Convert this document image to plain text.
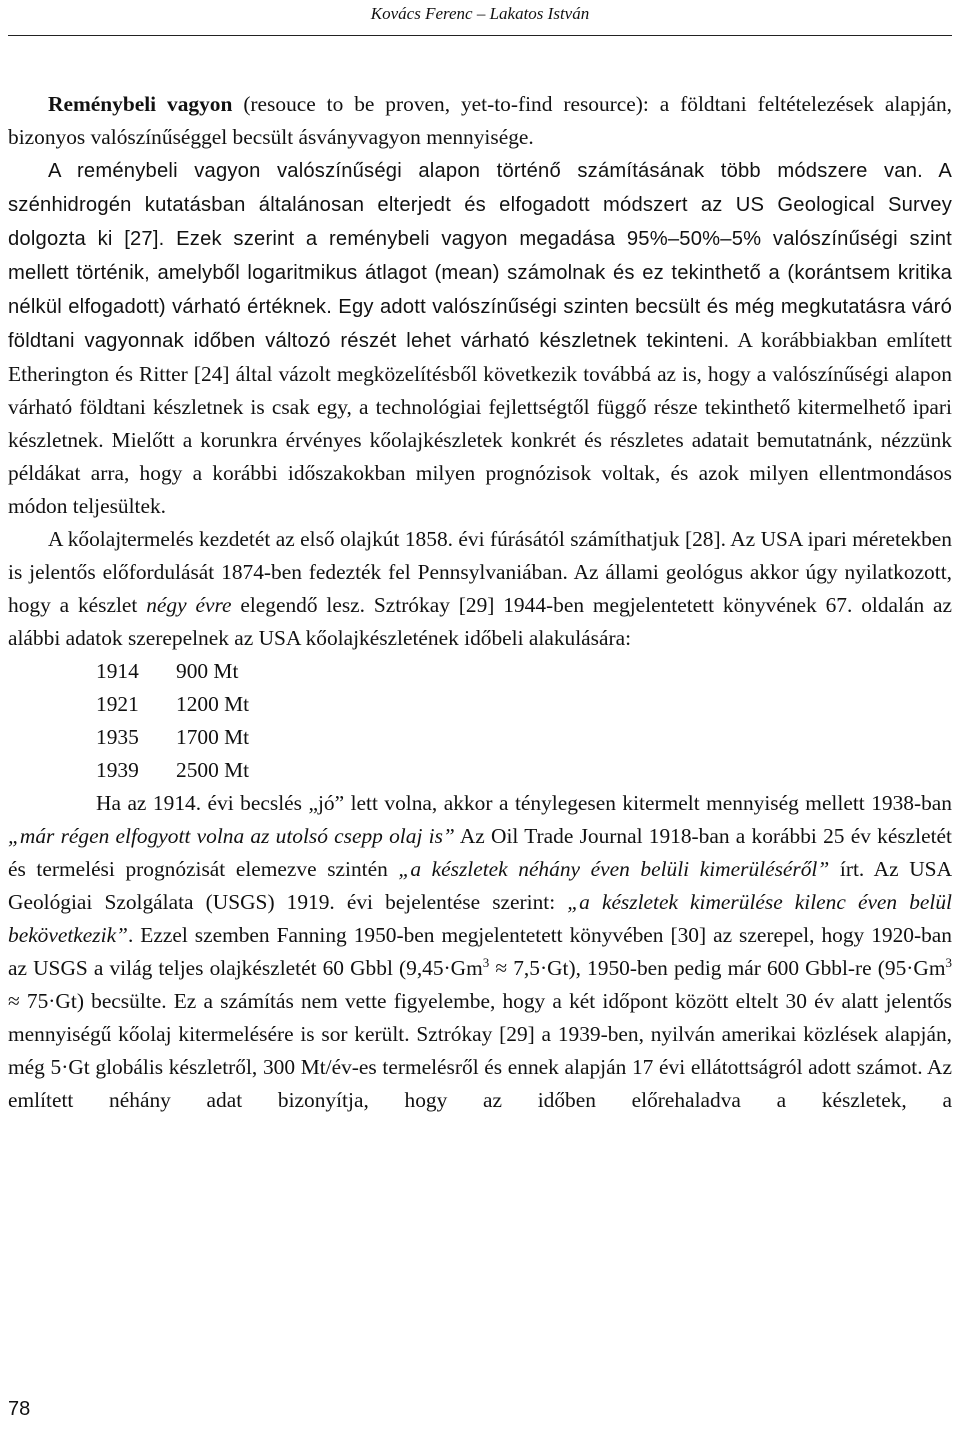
Kovács Ferenc – Lakatos István

Reménybeli vagyon (resouce to be proven, yet-to-find resource): a földtani feltételezések alapján, bizonyos valószínűséggel becsült ásványvagyon mennyisége.

A reménybeli vagyon valószínűségi alapon történő számításának több módszere van. A szénhidrogén kutatásban általánosan elterjedt és elfogadott módszert az US Geological Survey dolgozta ki [27]. Ezek szerint a reménybeli vagyon megadása 95%–50%–5% valószínűségi szint mellett történik, amelyből logaritmikus átlagot (mean) számolnak és ez tekinthető a (korántsem kritika nélkül elfogadott) várható értéknek. Egy adott valószínűségi szinten becsült és még megkutatásra váró földtani vagyonnak időben változó részét lehet várható készletnek tekinteni. A korábbiakban említett Etherington és Ritter [24] által vázolt megközelítésből következik továbbá az is, hogy a valószínűségi alapon várható földtani készletnek is csak egy, a technológiai fejlettségtől függő része tekinthető kitermelhető ipari készletnek. Mielőtt a korunkra érvényes kőolajkészletek konkrét és részletes adatait bemutatnánk, nézzünk példákat arra, hogy a korábbi időszakokban milyen prognózisok voltak, és azok milyen ellentmondásos módon teljesültek.

A kőolajtermelés kezdetét az első olajkút 1858. évi fúrásától számíthatjuk [28]. Az USA ipari méretekben is jelentős előfordulását 1874-ben fedezték fel Pennsylvaniában. Az állami geológus akkor úgy nyilatkozott, hogy a készlet négy évre elegendő lesz. Sztrókay [29] 1944-ben megjelentetett könyvének 67. oldalán az alábbi adatok szerepelnek az USA kőolajkészletének időbeli alakulására:

1914	900 Mt
1921	1200 Mt
1935	1700 Mt
1939	2500 Mt

Ha az 1914. évi becslés „jó” lett volna, akkor a ténylegesen kitermelt mennyiség mellett 1938-ban „már régen elfogyott volna az utolsó csepp olaj is” Az Oil Trade Journal 1918-ban a korábbi 25 év készletét és termelési prognózisát elemezve szintén „a készletek néhány éven belüli kimerüléséről” írt. Az USA Geológiai Szolgálata (USGS) 1919. évi bejelentése szerint: „a készletek kimerülése kilenc éven belül bekövetkezik”. Ezzel szemben Fanning 1950-ben megjelentetett könyvében [30] az szerepel, hogy 1920-ban az USGS a világ teljes olajkészletét 60 Gbbl $(9,45\cdot Gm^3 \approx 7,5\cdot Gt)$, 1950-ben pedig már 600 Gbbl-re $(95\cdot Gm^3 \approx 75\cdot Gt)$ becsülte. Ez a számítás nem vette figyelembe, hogy a két időpont között eltelt 30 év alatt jelentős mennyiségű kőolaj kitermelésére is sor került. Sztrókay [29] a 1939-ben, nyilván amerikai közlések alapján, még 5·Gt globális készletről, 300 Mt/év-es termelésről és ennek alapján 17 évi ellátottságról adott számot. Az említett néhány adat bizonyítja, hogy az időben előrehaladva a készletek, a

78
